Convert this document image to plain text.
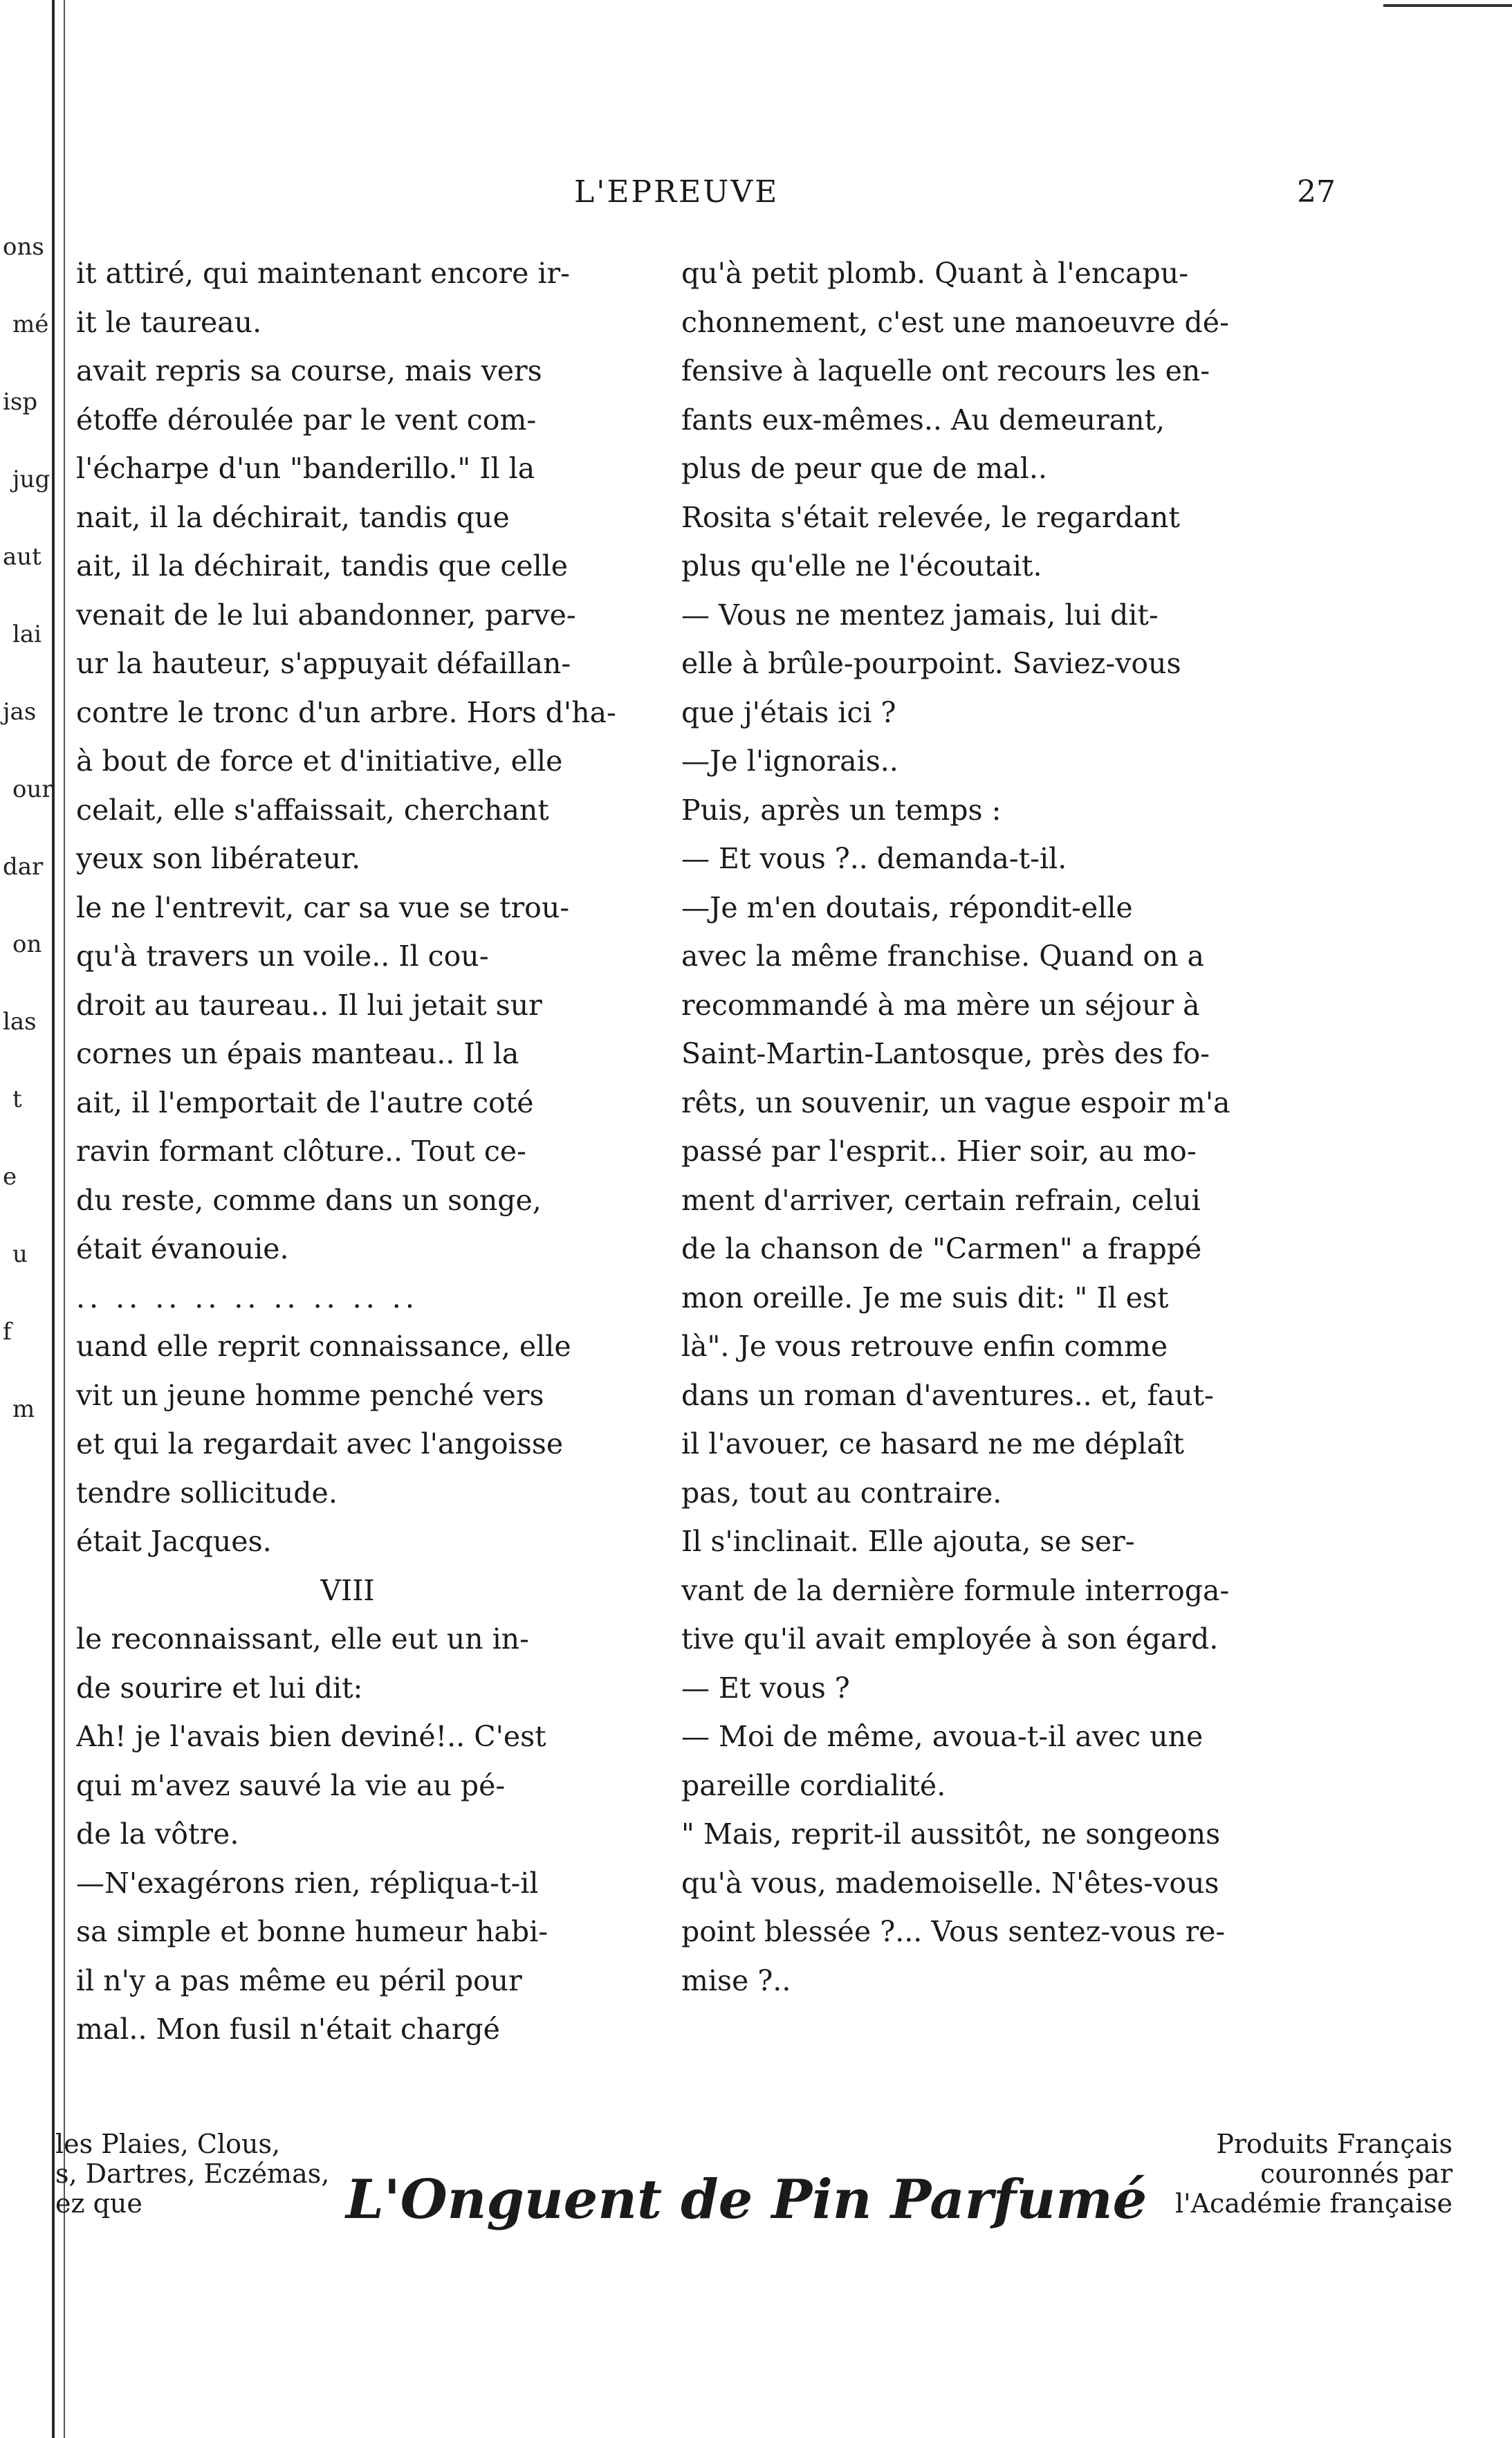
ons
mé
isp
jug
aut
lai
jas
our
dar
on
las
t
e
u
f
m
L'EPREUVE	27

it attiré, qui maintenant encore ir-

it le taureau.

avait repris sa course, mais vers

étoffe déroulée par le vent com-

l'écharpe d'un "banderillo." Il la

nait, il la déchirait, tandis que

ait, il la déchirait, tandis que celle

venait de le lui abandonner, parve-

ur la hauteur, s'appuyait défaillan-

contre le tronc d'un arbre. Hors d'ha-

à bout de force et d'initiative, elle

celait, elle s'affaissait, cherchant

yeux son libérateur.

le ne l'entrevit, car sa vue se trou-

qu'à travers un voile.. Il cou-

droit au taureau.. Il lui jetait sur

cornes un épais manteau.. Il la

ait, il l'emportait de l'autre coté

ravin formant clôture.. Tout ce-

du reste, comme dans un songe,

était évanouie.

.. .. .. .. .. .. .. .. ..

uand elle reprit connaissance, elle

vit un jeune homme penché vers

et qui la regardait avec l'angoisse

tendre sollicitude.

était Jacques.

VIII

le reconnaissant, elle eut un in-

de sourire et lui dit:

Ah! je l'avais bien deviné!.. C'est

qui m'avez sauvé la vie au pé-

de la vôtre.

—N'exagérons rien, répliqua-t-il

sa simple et bonne humeur habi-

il n'y a pas même eu péril pour

mal.. Mon fusil n'était chargé

qu'à petit plomb. Quant à l'encapu-

chonnement, c'est une manoeuvre dé-

fensive à laquelle ont recours les en-

fants eux-mêmes.. Au demeurant,

plus de peur que de mal..

Rosita s'était relevée, le regardant

plus qu'elle ne l'écoutait.

— Vous ne mentez jamais, lui dit-

elle à brûle-pourpoint. Saviez-vous

que j'étais ici ?

—Je l'ignorais..

Puis, après un temps :

— Et vous ?.. demanda-t-il.

—Je m'en doutais, répondit-elle

avec la même franchise. Quand on a

recommandé à ma mère un séjour à

Saint-Martin-Lantosque, près des fo-

rêts, un souvenir, un vague espoir m'a

passé par l'esprit.. Hier soir, au mo-

ment d'arriver, certain refrain, celui

de la chanson de "Carmen" a frappé

mon oreille. Je me suis dit: " Il est

là". Je vous retrouve enfin comme

dans un roman d'aventures.. et, faut-

il l'avouer, ce hasard ne me déplaît

pas, tout au contraire.

Il s'inclinait. Elle ajouta, se ser-

vant de la dernière formule interroga-

tive qu'il avait employée à son égard.

— Et vous ?

— Moi de même, avoua-t-il avec une

pareille cordialité.

" Mais, reprit-il aussitôt, ne songeons

qu'à vous, mademoiselle. N'êtes-vous

point blessée ?... Vous sentez-vous re-

mise ?..

les Plaies, Clous,

s, Dartres, Eczémas,

ez que	L'Onguent de Pin Parfumé

Produits Français

couronnés par

l'Académie française
